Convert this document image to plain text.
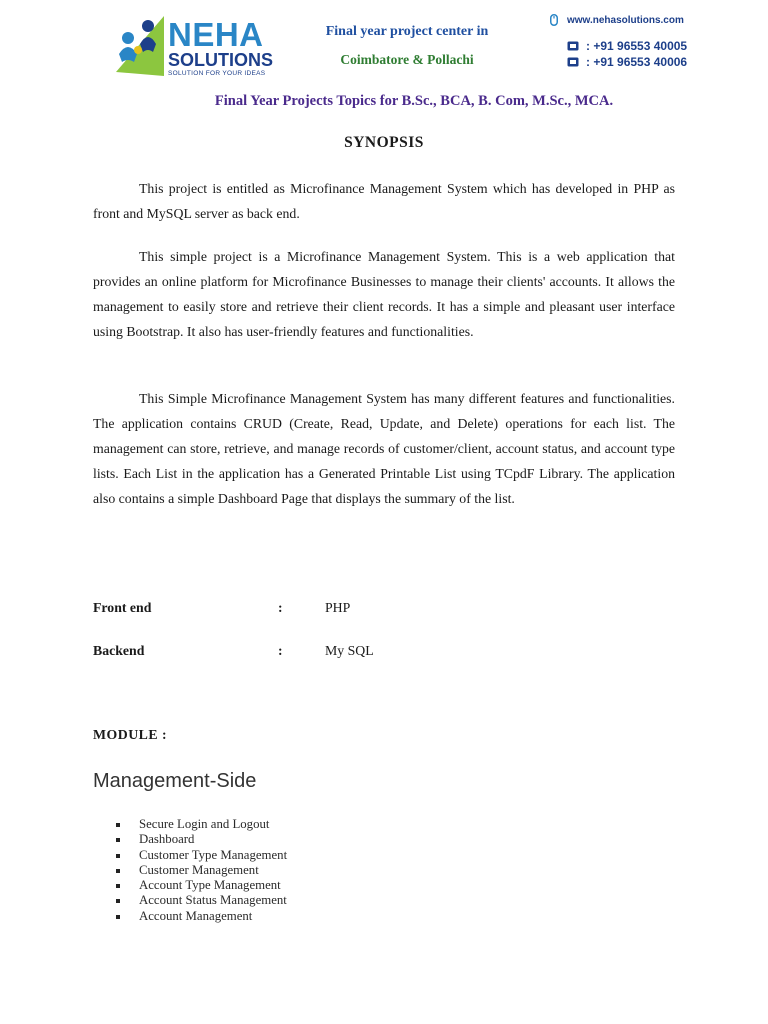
NEHA
SOLUTIONS
SOLUTION FOR YOUR IDEAS
Final year project center in
Coimbatore & Pollachi
www.nehasolutions.com
: +91 96553 40005
: +91 96553 40006
Final Year Projects Topics for B.Sc., BCA, B. Com, M.Sc., MCA.
SYNOPSIS

This project is entitled as Microfinance Management System which has developed in PHP as front and MySQL server as back end.

This simple project is a Microfinance Management System. This is a web application that provides an online platform for Microfinance Businesses to manage their clients' accounts. It allows the management to easily store and retrieve their client records. It has a simple and pleasant user interface using Bootstrap. It also has user-friendly features and functionalities.

This Simple Microfinance Management System has many different features and functionalities. The application contains CRUD (Create, Read, Update, and Delete) operations for each list. The management can store, retrieve, and manage records of customer/client, account status, and account type lists. Each List in the application has a Generated Printable List using TCpdF Library. The application also contains a simple Dashboard Page that displays the summary of the list.

Front end	:	PHP
Backend	:	My SQL
MODULE :
Management-Side
Secure Login and Logout
Dashboard
Customer Type Management
Customer Management
Account Type Management
Account Status Management
Account Management
